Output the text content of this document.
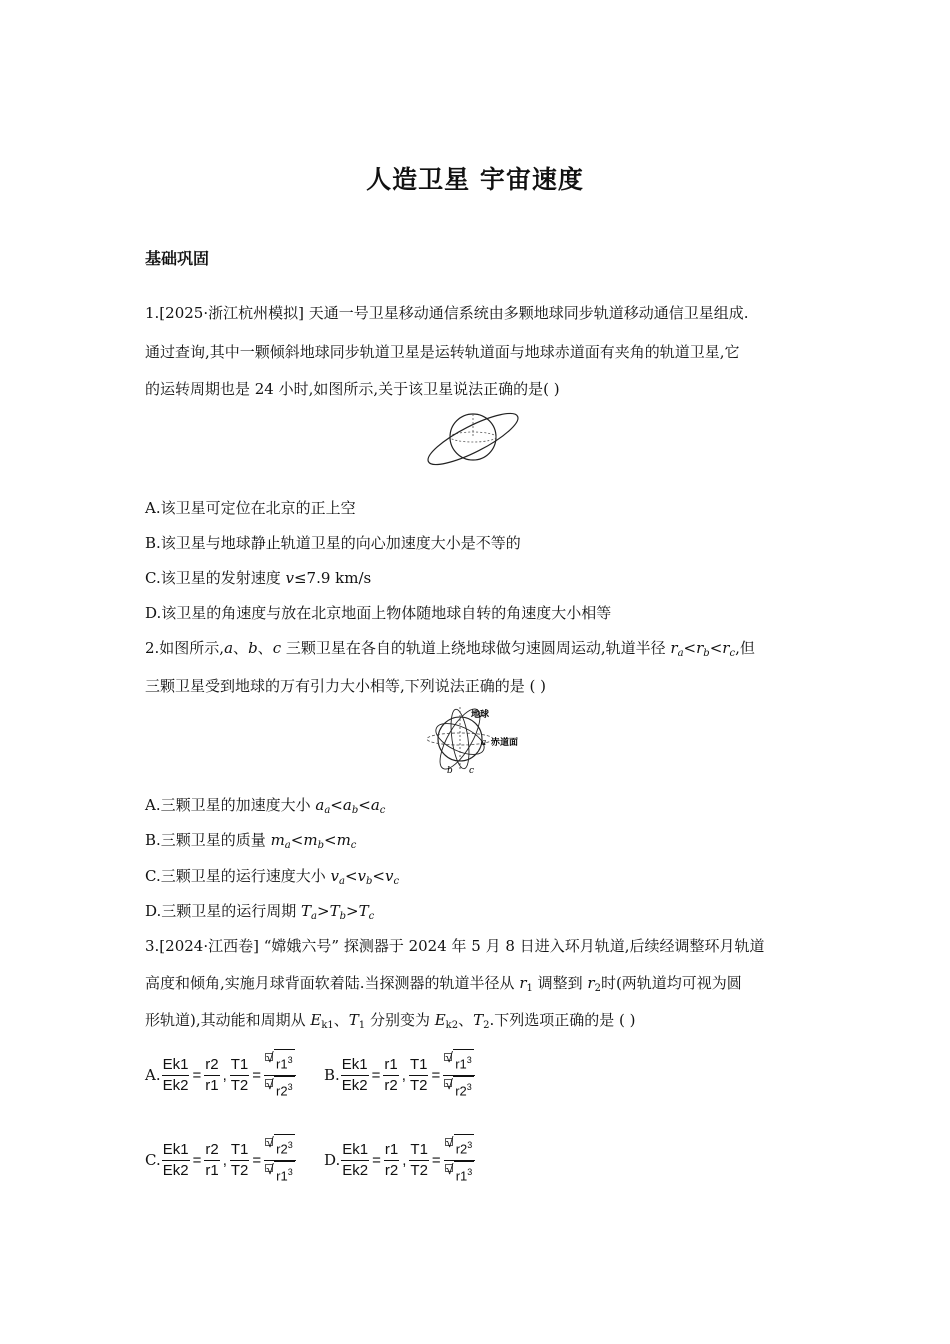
人造卫星 宇宙速度
基础巩固
1.[2025·浙江杭州模拟] 天通一号卫星移动通信系统由多颗地球同步轨道移动通信卫星组成.
通过查询,其中一颗倾斜地球同步轨道卫星是运转轨道面与地球赤道面有夹角的轨道卫星,它
的运转周期也是 24 小时,如图所示,关于该卫星说法正确的是( )
A.该卫星可定位在北京的正上空
B.该卫星与地球静止轨道卫星的向心加速度大小是不等的
C.该卫星的发射速度 v≤7.9 km/s
D.该卫星的角速度与放在北京地面上物体随地球自转的角速度大小相等
2.如图所示,a、b、c 三颗卫星在各自的轨道上绕地球做匀速圆周运动,轨道半径 $r_a<r_b<r_c$,但
三颗卫星受到地球的万有引力大小相等,下列说法正确的是 ( )
地球
赤道面
a
b c
A.三颗卫星的加速度大小 $a_a<a_b<a_c$
B.三颗卫星的质量 $m_a<m_b<m_c$
C.三颗卫星的运行速度大小 $v_a<v_b<v_c$
D.三颗卫星的运行周期 $T_a>T_b>T_c$
3.[2024·江西卷] “嫦娥六号” 探测器于 2024 年 5 月 8 日进入环月轨道,后续经调整环月轨道
高度和倾角,实施月球背面软着陆.当探测器的轨道半径从 $r_1$ 调整到 $r_2$时(两轨道均可视为圆
形轨道),其动能和周期从 $E_{k1}$、$T_1$ 分别变为 $E_{k2}$、$T_2$.下列选项正确的是 ( )
A. $\frac{Ek1}{Ek2} = \frac{r2}{r1}$ , $\frac{T1}{T2}$ = √ $r1^3$
√ $r2^3$ B. $\frac{Ek1}{Ek2} = \frac{r1}{r2}$ , $\frac{T1}{T2}$ = √ $r1^3$
√ $r2^3$
C. $\frac{Ek1}{Ek2} = \frac{r2}{r1}$ , $\frac{T1}{T2}$ = √ $r2^3$
√ $r1^3$ D. $\frac{Ek1}{Ek2} = \frac{r1}{r2}$ , $\frac{T1}{T2}$ = √ $r2^3$
√ $r1^3$
